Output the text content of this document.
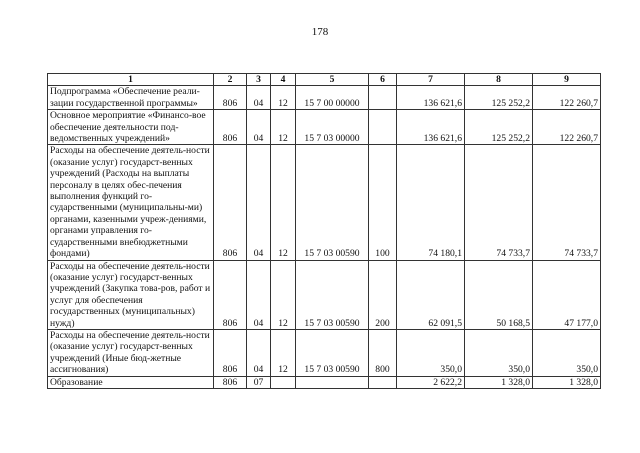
178
1	2	3	4	5	6	7	8	9
Подпрограмма «Обеспечение реали-зации государственной программы»	806	04	12	15 7 00 00000		136 621,6	125 252,2	122 260,7
Основное мероприятие «Финансо-вое обеспечение деятельности под-ведомственных учреждений»	806	04	12	15 7 03 00000		136 621,6	125 252,2	122 260,7
Расходы на обеспечение деятель-ности (оказание услуг) государст-венных учреждений (Расходы на выплаты персоналу в целях обес-печения выполнения функций го-сударственными (муниципальны-ми) органами, казенными учреж-дениями, органами управления го-сударственными внебюджетными фондами)	806	04	12	15 7 03 00590	100	74 180,1	74 733,7	74 733,7
Расходы на обеспечение деятель-ности (оказание услуг) государст-венных учреждений (Закупка това-ров, работ и услуг для обеспечения государственных (муниципальных) нужд)	806	04	12	15 7 03 00590	200	62 091,5	50 168,5	47 177,0
Расходы на обеспечение деятель-ности (оказание услуг) государст-венных учреждений (Иные бюд-жетные ассигнования)	806	04	12	15 7 03 00590	800	350,0	350,0	350,0
Образование	806	07				2 622,2	1 328,0	1 328,0
